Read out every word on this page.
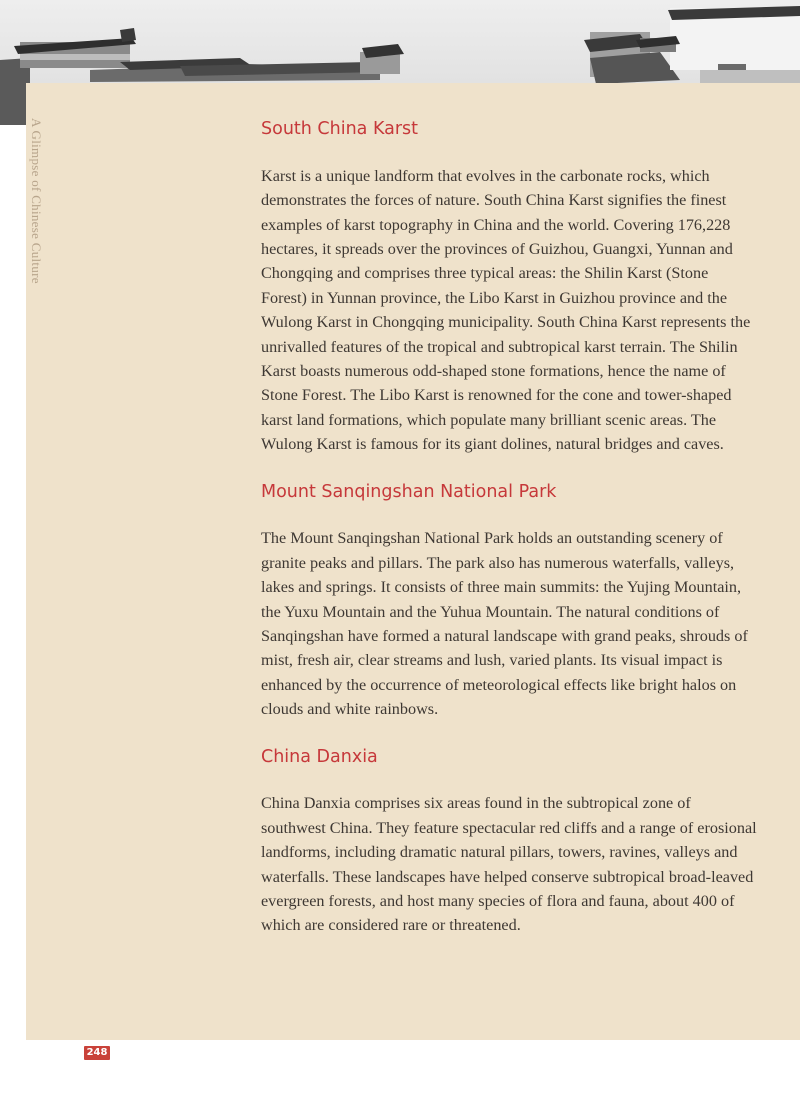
A Glimpse of Chinese Culture	South China Karst

Karst is a unique landform that evolves in the carbonate rocks, which demonstrates the forces of nature. South China Karst signifies the finest examples of karst topography in China and the world. Covering 176,228 hectares, it spreads over the provinces of Guizhou, Guangxi, Yunnan and Chongqing and comprises three typical areas: the Shilin Karst (Stone Forest) in Yunnan province, the Libo Karst in Guizhou province and the Wulong Karst in Chongqing municipality. South China Karst represents the unrivalled features of the tropical and subtropical karst terrain. The Shilin Karst boasts numerous odd-shaped stone formations, hence the name of Stone Forest. The Libo Karst is renowned for the cone and tower-shaped karst land formations, which populate many brilliant scenic areas. The Wulong Karst is famous for its giant dolines, natural bridges and caves.

Mount Sanqingshan National Park

The Mount Sanqingshan National Park holds an outstanding scenery of granite peaks and pillars. The park also has numerous waterfalls, valleys, lakes and springs. It consists of three main summits: the Yujing Mountain, the Yuxu Mountain and the Yuhua Mountain. The natural conditions of Sanqingshan have formed a natural landscape with grand peaks, shrouds of mist, fresh air, clear streams and lush, varied plants. Its visual impact is enhanced by the occurrence of meteorological effects like bright halos on clouds and white rainbows.

China Danxia

China Danxia comprises six areas found in the subtropical zone of southwest China. They feature spectacular red cliffs and a range of erosional landforms, including dramatic natural pillars, towers, ravines, valleys and waterfalls. These landscapes have helped conserve subtropical broad-leaved evergreen forests, and host many species of flora and fauna, about 400 of which are considered rare or threatened.

248
